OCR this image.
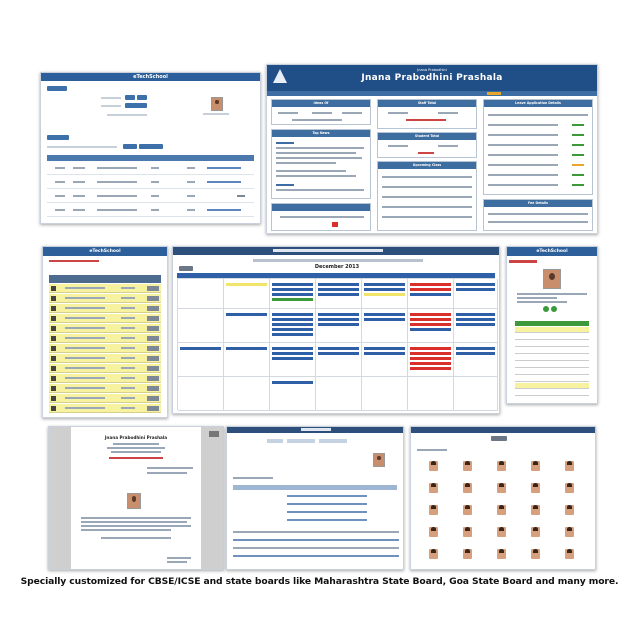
eTechSchool
Jnana Prabodhini
Jnana Prabodhini Prashala
Ideas Of
Top News
Staff Total
Student Total
Upcoming Class
Leave Application Details
Fee Details
eTechSchool
December 2013
eTechSchool
Jnana Prabodhini Prashala
Specially customized for CBSE/ICSE and state boards like Maharashtra State Board, Goa State Board and many more.
